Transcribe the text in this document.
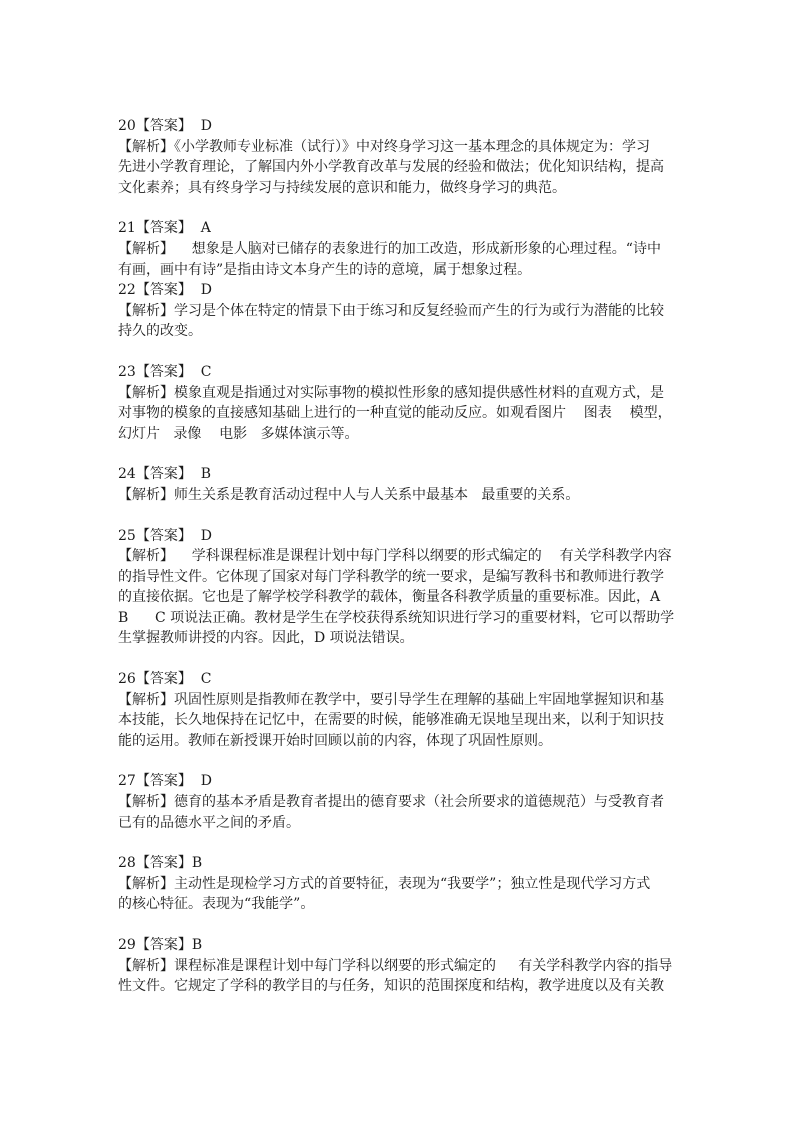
20【答案】  D
【解析】《小学教师专业标准（试行）》中对终身学习这一基本理念的具体规定为：学习
先进小学教育理论，了解国内外小学教育改革与发展的经验和做法；优化知识结构，提高
文化素养；具有终身学习与持续发展的意识和能力，做终身学习的典范。
21【答案】  A
【解析】    想象是人脑对已储存的表象进行的加工改造，形成新形象的心理过程。“诗中
有画，画中有诗”是指由诗文本身产生的诗的意境，属于想象过程。
22【答案】  D
【解析】学习是个体在特定的情景下由于练习和反复经验而产生的行为或行为潜能的比较
持久的改变。
23【答案】  C
【解析】模象直观是指通过对实际事物的模拟性形象的感知提供感性材料的直观方式，是
对事物的模象的直接感知基础上进行的一种直觉的能动反应。如观看图片    图表    模型，
幻灯片   录像    电影   多媒体演示等。
24【答案】  B
【解析】师生关系是教育活动过程中人与人关系中最基本   最重要的关系。
25【答案】  D
【解析】    学科课程标准是课程计划中每门学科以纲要的形式编定的    有关学科教学内容
的指导性文件。它体现了国家对每门学科教学的统一要求，是编写教科书和教师进行教学
的直接依据。它也是了解学校学科教学的载体，衡量各科教学质量的重要标准。因此，A
B      C 项说法正确。教材是学生在学校获得系统知识进行学习的重要材料，它可以帮助学
生掌握教师讲授的内容。因此，D 项说法错误。
26【答案】  C
【解析】巩固性原则是指教师在教学中，要引导学生在理解的基础上牢固地掌握知识和基
本技能，长久地保持在记忆中，在需要的时候，能够准确无误地呈现出来，以利于知识技
能的运用。教师在新授课开始时回顾以前的内容，体现了巩固性原则。
27【答案】  D
【解析】德育的基本矛盾是教育者提出的德育要求（社会所要求的道德规范）与受教育者
已有的品德水平之间的矛盾。
28【答案】B
【解析】主动性是现检学习方式的首要特征，表现为“我要学”；独立性是现代学习方式
的核心特征。表现为“我能学”。
29【答案】B
【解析】课程标准是课程计划中每门学科以纲要的形式编定的     有关学科教学内容的指导
性文件。它规定了学科的教学目的与任务，知识的范围探度和结构，教学进度以及有关教
